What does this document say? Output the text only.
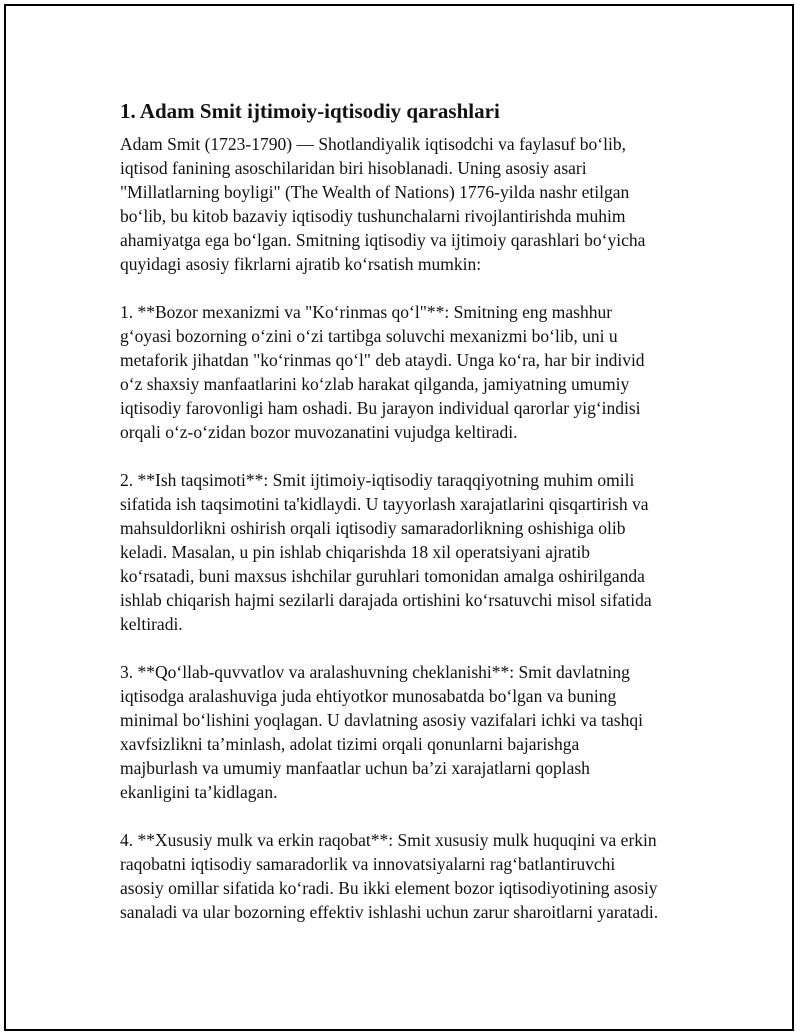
1. Adam Smit ijtimoiy-iqtisodiy qarashlari

Adam Smit (1723-1790) — Shotlandiyalik iqtisodchi va faylasuf boʻlib,
iqtisod fanining asoschilaridan biri hisoblanadi. Uning asosiy asari
"Millatlarning boyligi" (The Wealth of Nations) 1776-yilda nashr etilgan
boʻlib, bu kitob bazaviy iqtisodiy tushunchalarni rivojlantirishda muhim
ahamiyatga ega boʻlgan. Smitning iqtisodiy va ijtimoiy qarashlari boʻyicha
quyidagi asosiy fikrlarni ajratib koʻrsatish mumkin:

1. **Bozor mexanizmi va "Koʻrinmas qoʻl"**: Smitning eng mashhur
gʻoyasi bozorning oʻzini oʻzi tartibga soluvchi mexanizmi boʻlib, uni u
metaforik jihatdan "koʻrinmas qoʻl" deb ataydi. Unga koʻra, har bir individ
oʻz shaxsiy manfaatlarini koʻzlab harakat qilganda, jamiyatning umumiy
iqtisodiy farovonligi ham oshadi. Bu jarayon individual qarorlar yigʻindisi
orqali oʻz-oʻzidan bozor muvozanatini vujudga keltiradi.

2. **Ish taqsimoti**: Smit ijtimoiy-iqtisodiy taraqqiyotning muhim omili
sifatida ish taqsimotini ta'kidlaydi. U tayyorlash xarajatlarini qisqartirish va
mahsuldorlikni oshirish orqali iqtisodiy samaradorlikning oshishiga olib
keladi. Masalan, u pin ishlab chiqarishda 18 xil operatsiyani ajratib
koʻrsatadi, buni maxsus ishchilar guruhlari tomonidan amalga oshirilganda
ishlab chiqarish hajmi sezilarli darajada ortishini koʻrsatuvchi misol sifatida
keltiradi.

3. **Qoʻllab-quvvatlov va aralashuvning cheklanishi**: Smit davlatning
iqtisodga aralashuviga juda ehtiyotkor munosabatda boʻlgan va buning
minimal boʻlishini yoqlagan. U davlatning asosiy vazifalari ichki va tashqi
xavfsizlikni taʼminlash, adolat tizimi orqali qonunlarni bajarishga
majburlash va umumiy manfaatlar uchun baʼzi xarajatlarni qoplash
ekanligini taʼkidlagan.

4. **Xususiy mulk va erkin raqobat**: Smit xususiy mulk huquqini va erkin
raqobatni iqtisodiy samaradorlik va innovatsiyalarni ragʻbatlantiruvchi
asosiy omillar sifatida koʻradi. Bu ikki element bozor iqtisodiyotining asosiy
sanaladi va ular bozorning effektiv ishlashi uchun zarur sharoitlarni yaratadi.
